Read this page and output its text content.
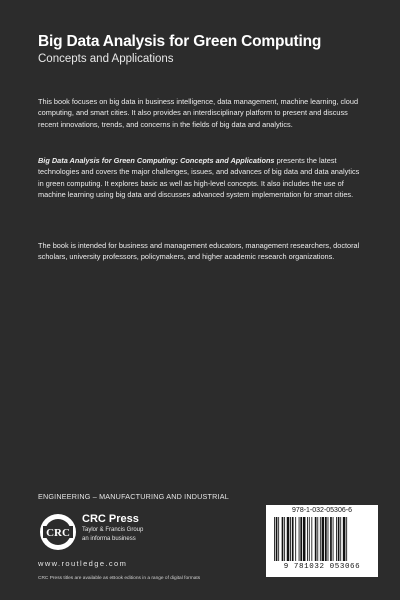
Big Data Analysis for Green Computing
Concepts and Applications
This book focuses on big data in business intelligence, data management, machine learning, cloud computing, and smart cities. It also provides an interdisciplinary platform to present and discuss recent innovations, trends, and concerns in the fields of big data and analytics.
Big Data Analysis for Green Computing: Concepts and Applications presents the latest technologies and covers the major challenges, issues, and advances of big data and data analytics in green computing. It explores basic as well as high-level concepts. It also includes the use of machine learning using big data and discusses advanced system implementation for smart cities.
The book is intended for business and management educators, management researchers, doctoral scholars, university professors, policymakers, and higher academic research organizations.
ENGINEERING – MANUFACTURING AND INDUSTRIAL
CRC
CRC Press
Taylor & Francis Group
an informa business
www.routledge.com
CRC Press titles are available as eBook editions in a range of digital formats
978-1-032-05306-6
9 781032 053066
